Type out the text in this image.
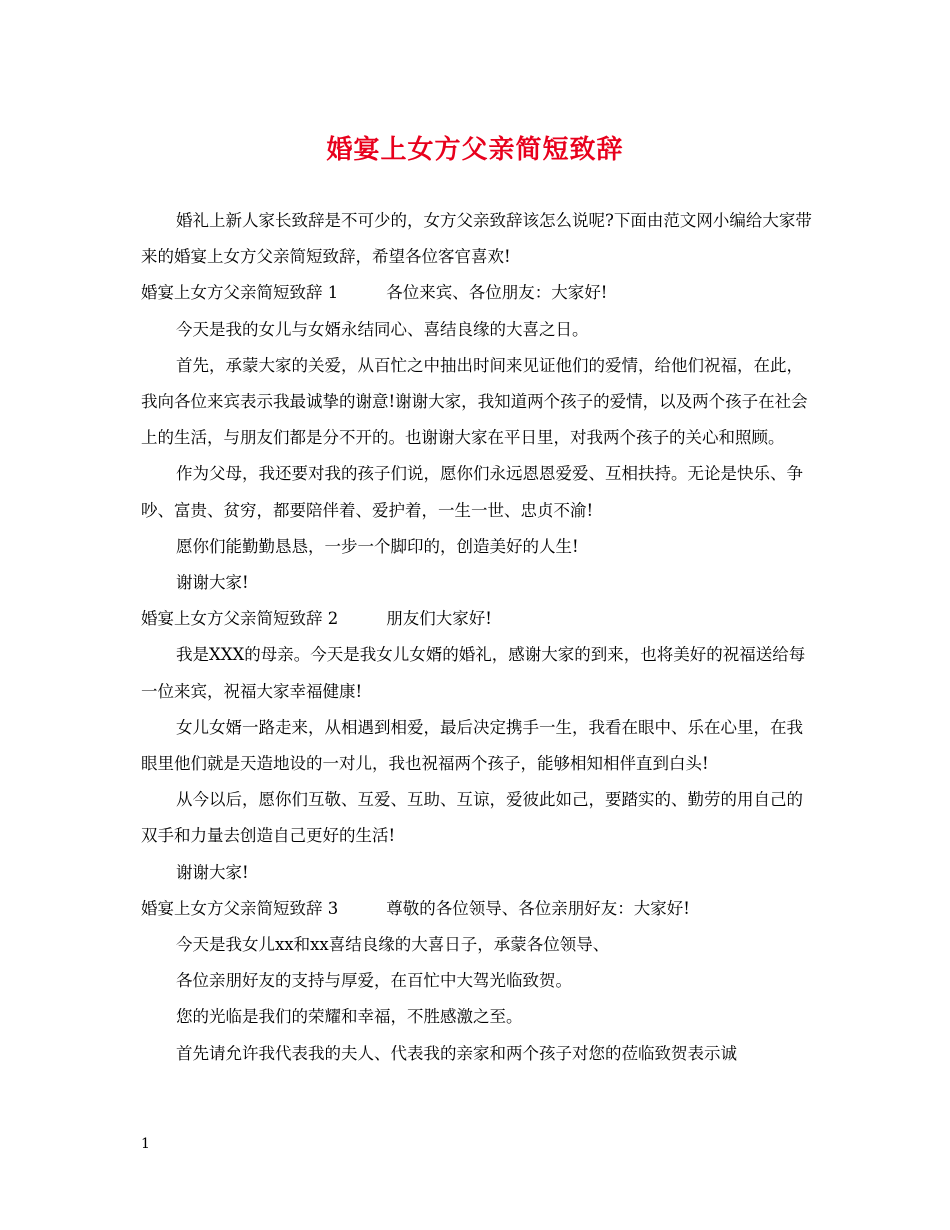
婚宴上女方父亲简短致辞

婚礼上新人家长致辞是不可少的，女方父亲致辞该怎么说呢?下面由范文网小编给大家带来的婚宴上女方父亲简短致辞，希望各位客官喜欢!

婚宴上女方父亲简短致辞 1	各位来宾、各位朋友：大家好!

今天是我的女儿与女婿永结同心、喜结良缘的大喜之日。

首先，承蒙大家的关爱，从百忙之中抽出时间来见证他们的爱情，给他们祝福，在此，我向各位来宾表示我最诚挚的谢意!谢谢大家，我知道两个孩子的爱情，以及两个孩子在社会上的生活，与朋友们都是分不开的。也谢谢大家在平日里，对我两个孩子的关心和照顾。

作为父母，我还要对我的孩子们说，愿你们永远恩恩爱爱、互相扶持。无论是快乐、争吵、富贵、贫穷，都要陪伴着、爱护着，一生一世、忠贞不渝!

愿你们能勤勤恳恳，一步一个脚印的，创造美好的人生!

谢谢大家!

婚宴上女方父亲简短致辞 2	朋友们大家好!

我是XXX的母亲。今天是我女儿女婿的婚礼，感谢大家的到来，也将美好的祝福送给每一位来宾，祝福大家幸福健康!

女儿女婿一路走来，从相遇到相爱，最后决定携手一生，我看在眼中、乐在心里，在我眼里他们就是天造地设的一对儿，我也祝福两个孩子，能够相知相伴直到白头!

从今以后，愿你们互敬、互爱、互助、互谅，爱彼此如己，要踏实的、勤劳的用自己的双手和力量去创造自己更好的生活!

谢谢大家!

婚宴上女方父亲简短致辞 3	尊敬的各位领导、各位亲朋好友：大家好!

今天是我女儿xx和xx喜结良缘的大喜日子，承蒙各位领导、

各位亲朋好友的支持与厚爱，在百忙中大驾光临致贺。

您的光临是我们的荣耀和幸福，不胜感激之至。

首先请允许我代表我的夫人、代表我的亲家和两个孩子对您的莅临致贺表示诚

1
